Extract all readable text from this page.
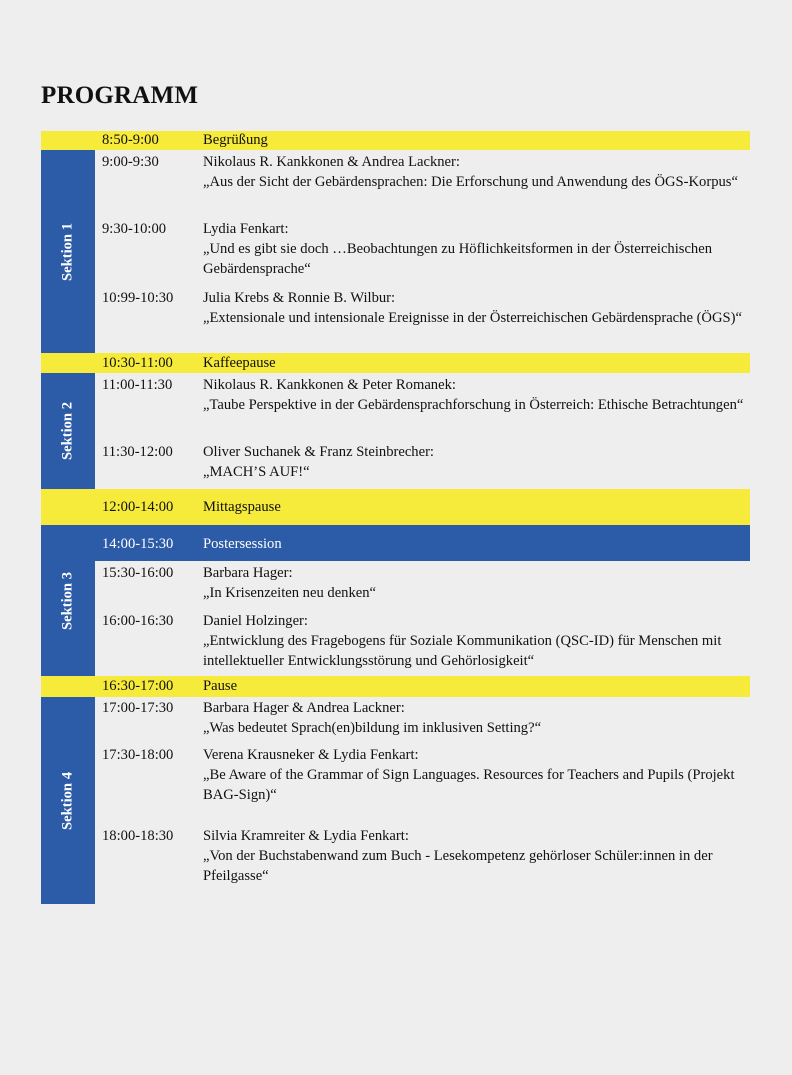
PROGRAMM
8:50-9:00	Begrüßung
Sektion 1
9:00-9:30	Nikolaus R. Kankkonen & Andrea Lackner:
„Aus der Sicht der Gebärdensprachen: Die Erforschung und Anwendung des ÖGS-Korpus“
9:30-10:00	Lydia Fenkart:
„Und es gibt sie doch …Beobachtungen zu Höflichkeitsformen in der Österreichischen Gebärdensprache“
10:99-10:30 Julia Krebs & Ronnie B. Wilbur:
„Extensionale und intensionale Ereignisse in der Österreichischen Gebärdensprache (ÖGS)“
10:30-11:00 Kaffeepause
Sektion 2
11:00-11:30 Nikolaus R. Kankkonen & Peter Romanek:
„Taube Perspektive in der Gebärdensprachforschung in Österreich: Ethische Betrachtungen“
11:30-12:00 Oliver Suchanek & Franz Steinbrecher:
„MACH’S AUF!“
12:00-14:00 Mittagspause
Sektion 3
14:00-15:30 Postersession
15:30-16:00 Barbara Hager:
„In Krisenzeiten neu denken“
16:00-16:30 Daniel Holzinger:
„Entwicklung des Fragebogens für Soziale Kommunikation (QSC-ID) für Menschen mit intellektueller Entwicklungsstörung und Gehörlosigkeit“
16:30-17:00 Pause
Sektion 4
17:00-17:30 Barbara Hager & Andrea Lackner:
„Was bedeutet Sprach(en)bildung im inklusiven Setting?“
17:30-18:00 Verena Krausneker & Lydia Fenkart:
„Be Aware of the Grammar of Sign Languages. Resources for Teachers and Pupils (Projekt BAG-Sign)“
18:00-18:30 Silvia Kramreiter & Lydia Fenkart:
„Von der Buchstabenwand zum Buch - Lesekompetenz gehörloser Schüler:innen in der Pfeilgasse“
